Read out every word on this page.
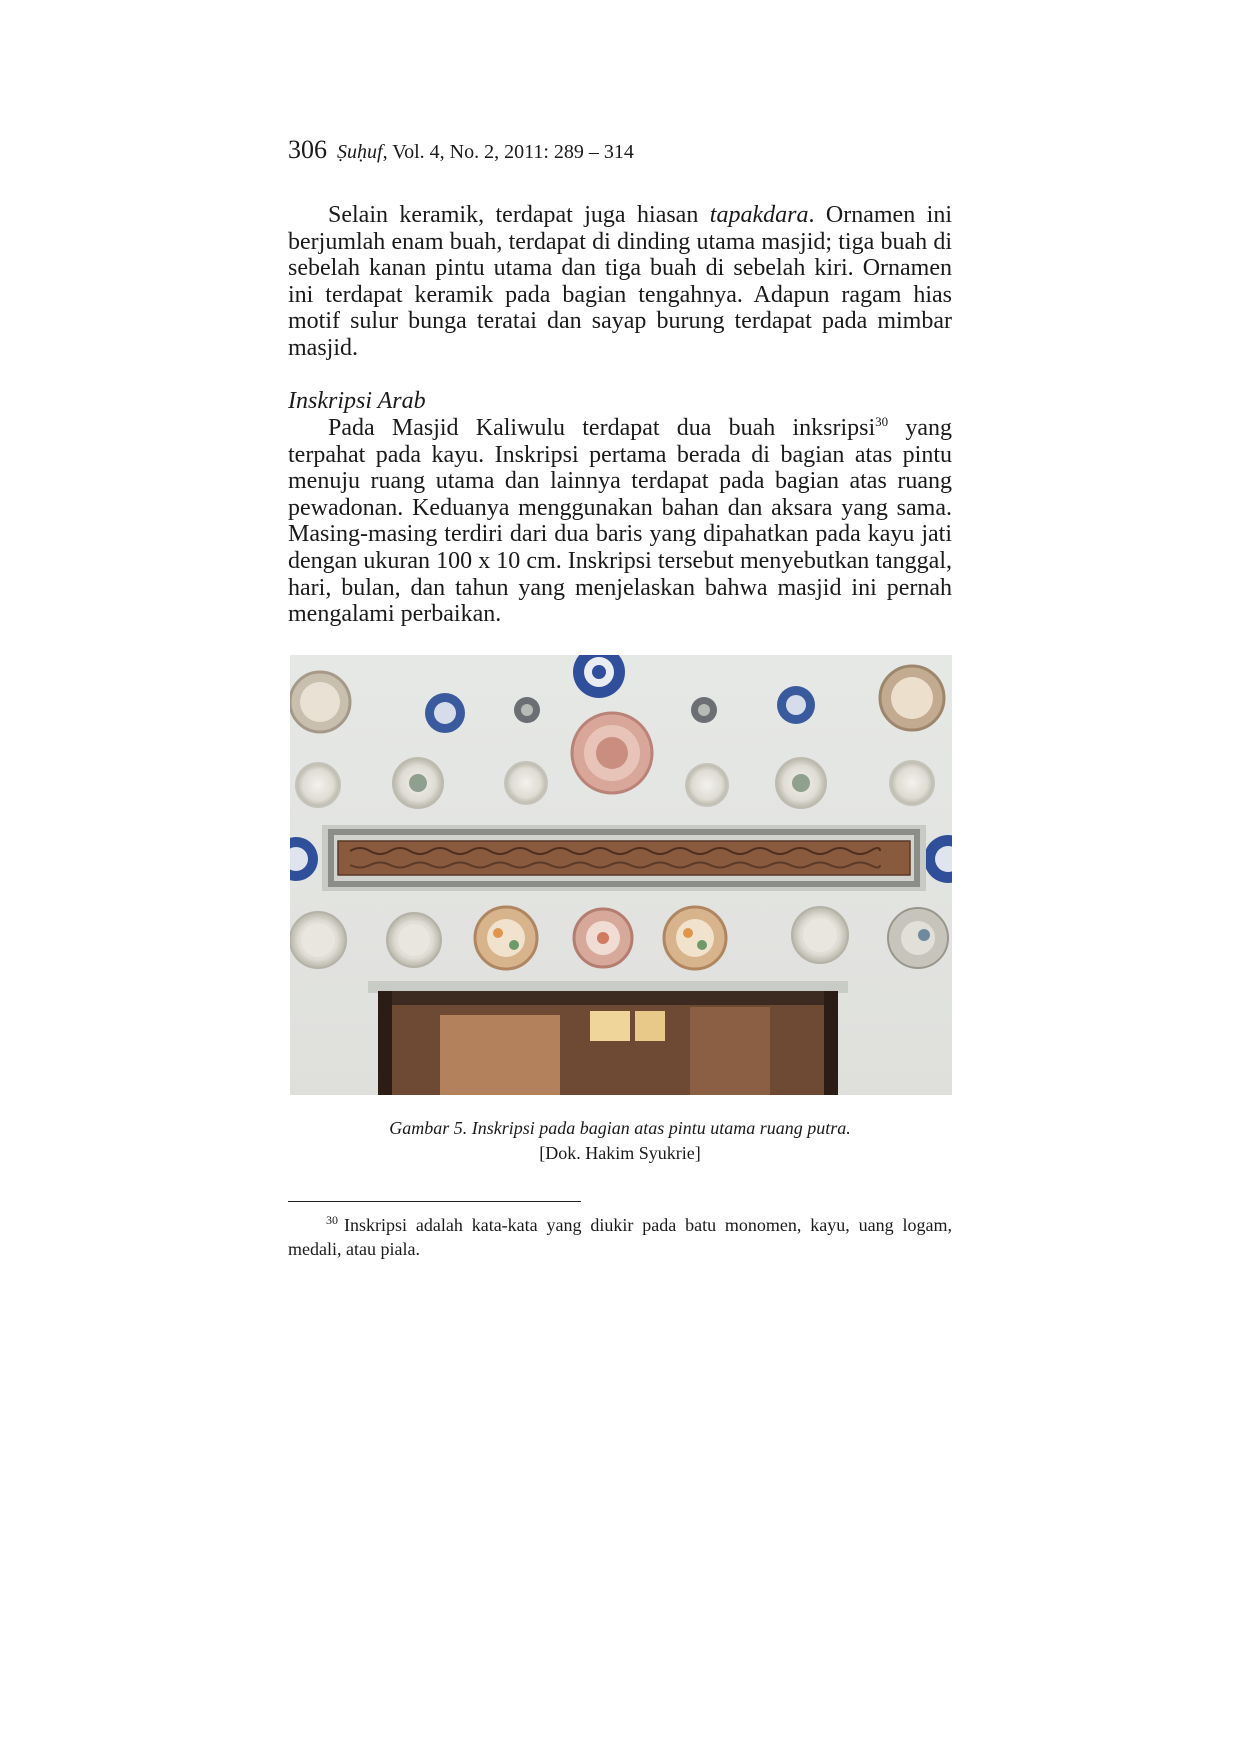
306 Ṣuḥuf, Vol. 4, No. 2, 2011: 289 – 314

Selain keramik, terdapat juga hiasan tapakdara. Ornamen ini berjumlah enam buah, terdapat di dinding utama masjid; tiga buah di sebelah kanan pintu utama dan tiga buah di sebelah kiri. Ornamen ini terdapat keramik pada bagian tengahnya. Adapun ragam hias motif sulur bunga teratai dan sayap burung terdapat pada mimbar masjid.

Inskripsi Arab

Pada Masjid Kaliwulu terdapat dua buah inksripsi$^{30}$ yang terpahat pada kayu. Inskripsi pertama berada di bagian atas pintu menuju ruang utama dan lainnya terdapat pada bagian atas ruang pewadonan. Keduanya menggunakan bahan dan aksara yang sama. Masing-masing terdiri dari dua baris yang dipahatkan pada kayu jati dengan ukuran 100 x 10 cm. Inskripsi tersebut menyebutkan tanggal, hari, bulan, dan tahun yang menjelaskan bahwa masjid ini pernah mengalami perbaikan.

Gambar 5. Inskripsi pada bagian atas pintu utama ruang putra.

[Dok. Hakim Syukrie]

$^{30}$ Inskripsi adalah kata-kata yang diukir pada batu monomen, kayu, uang logam, medali, atau piala.
